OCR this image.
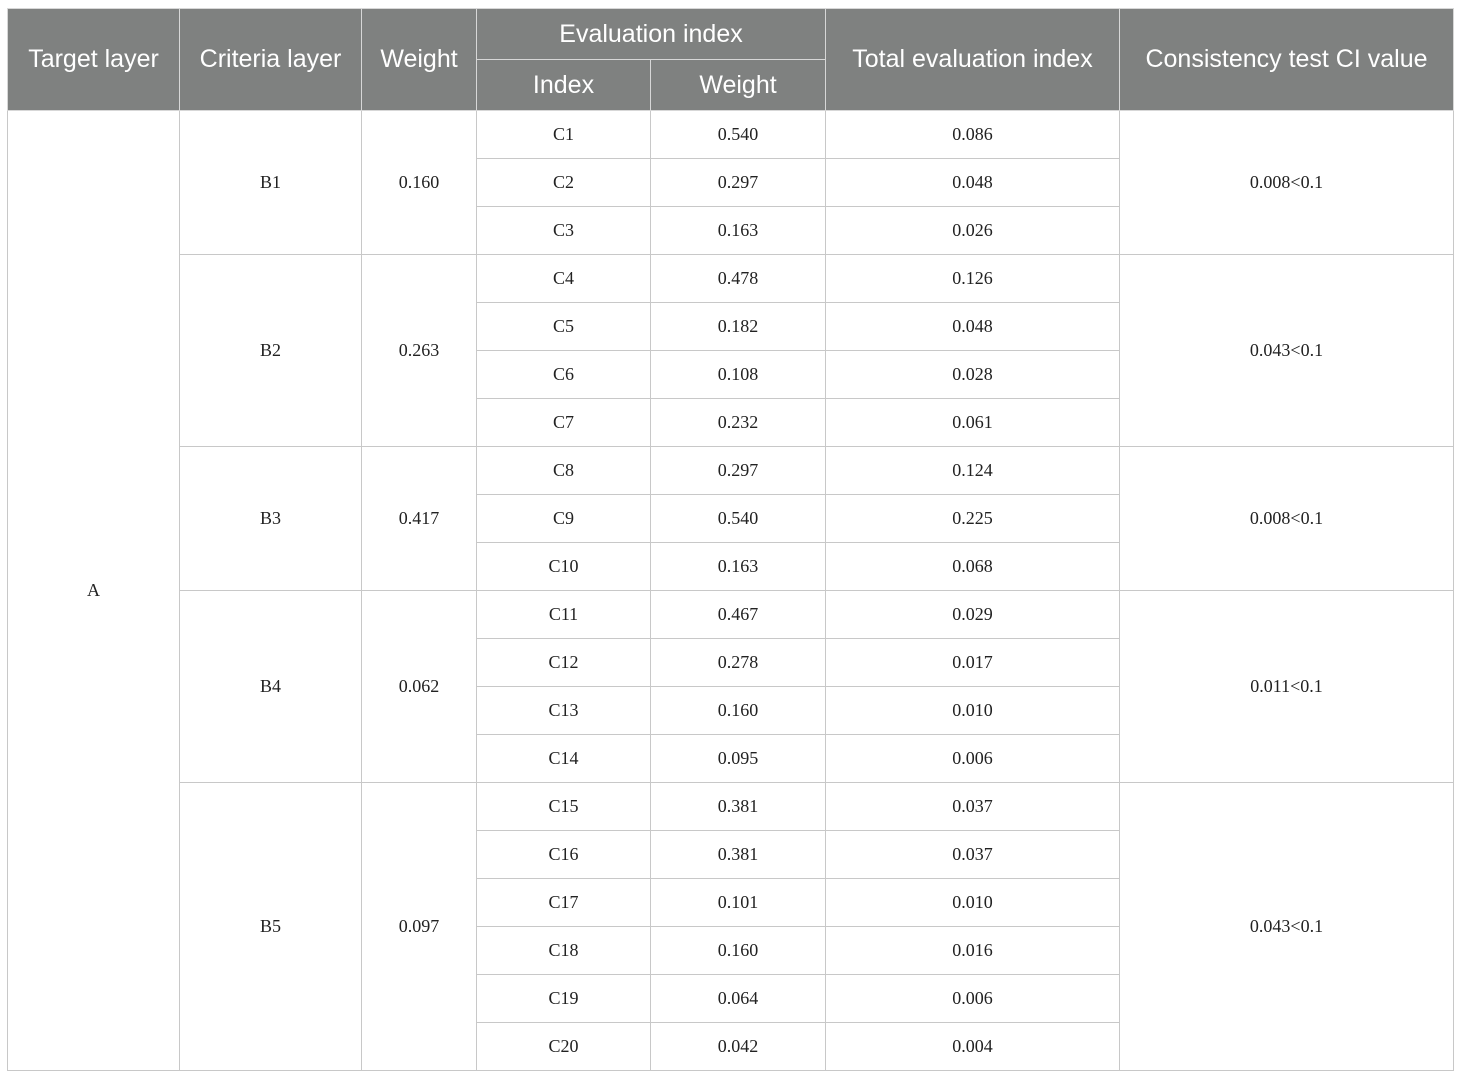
Target layer	Criteria layer	Weight	Evaluation index		Total evaluation index	Consistency test CI value
			Index	Weight		
A	B1	0.160	C1	0.540	0.086	0.008<0.1
			C2	0.297	0.048	
			C3	0.163	0.026	
	B2	0.263	C4	0.478	0.126	0.043<0.1
			C5	0.182	0.048	
			C6	0.108	0.028	
			C7	0.232	0.061	
	B3	0.417	C8	0.297	0.124	0.008<0.1
			C9	0.540	0.225	
			C10	0.163	0.068	
	B4	0.062	C11	0.467	0.029	0.011<0.1
			C12	0.278	0.017	
			C13	0.160	0.010	
			C14	0.095	0.006	
	B5	0.097	C15	0.381	0.037	0.043<0.1
			C16	0.381	0.037	
			C17	0.101	0.010	
			C18	0.160	0.016	
			C19	0.064	0.006	
			C20	0.042	0.004	
